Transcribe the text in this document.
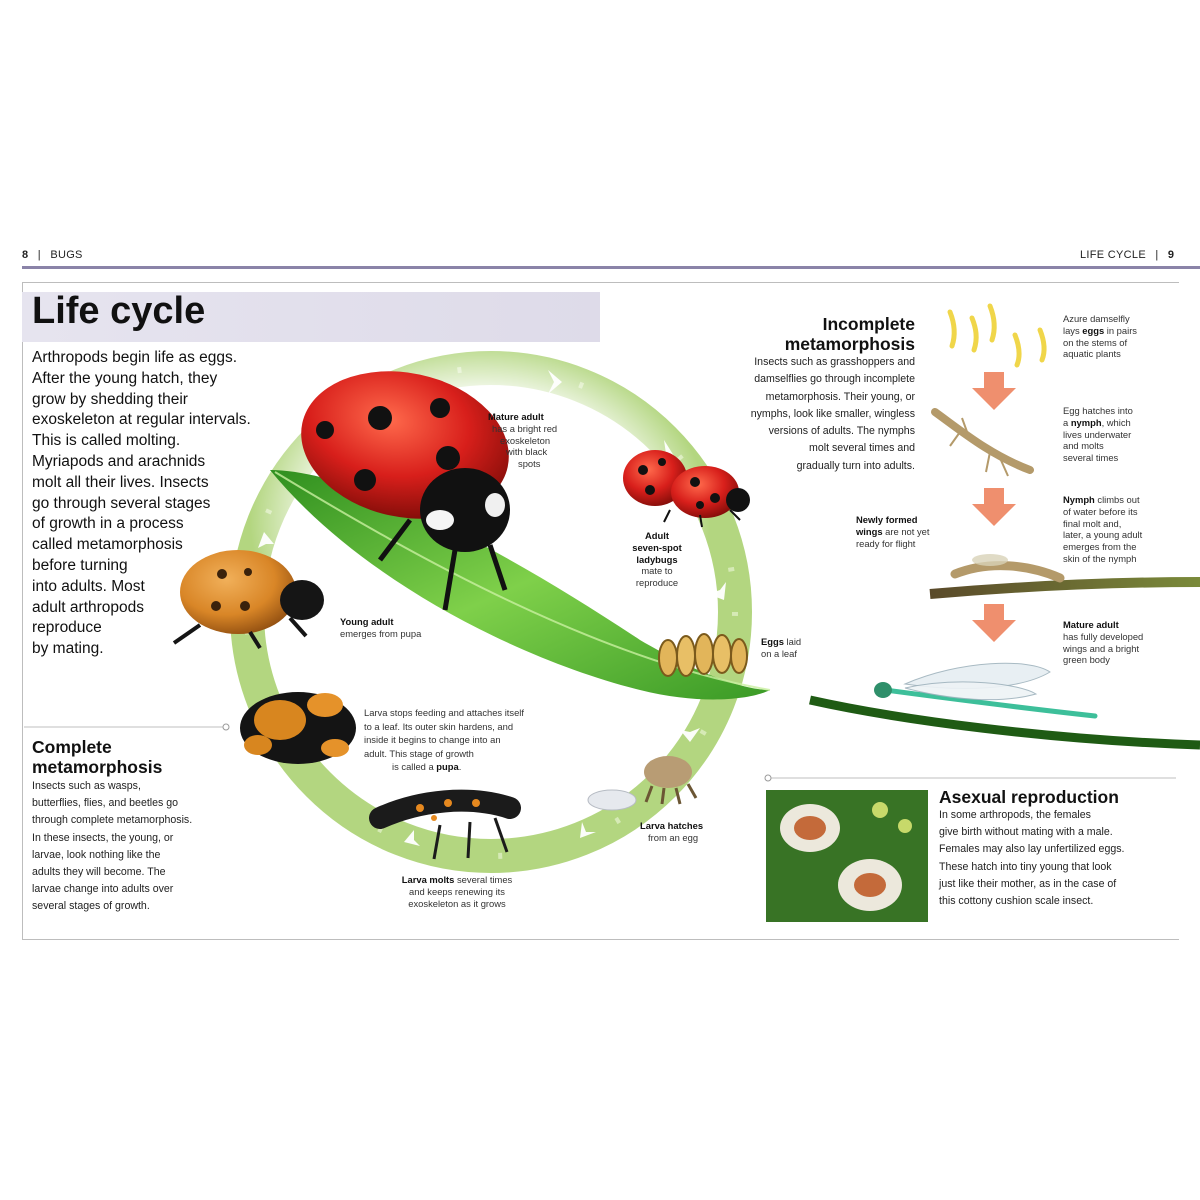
8 | BUGS	LIFE CYCLE | 9
Life cycle
Arthropods begin life as eggs.
After the young hatch, they
grow by shedding their
exoskeleton at regular intervals.
This is called molting.
Myriapods and arachnids
molt all their lives. Insects
go through several stages
of growth in a process
called metamorphosis
before turning
into adults. Most
adult arthropods
reproduce
by mating.
Complete
metamorphosis
Insects such as wasps,
butterflies, flies, and beetles go
through complete metamorphosis.
In these insects, the young, or
larvae, look nothing like the
adults they will become. The
larvae change into adults over
several stages of growth.
Mature adult
has a bright red
exoskeleton
with black
spots
Adult
seven-spot
ladybugs
mate to
reproduce
Eggs laid
on a leaf
Larva hatches
from an egg
Larva molts several times
and keeps renewing its
exoskeleton as it grows
Larva stops feeding and attaches itself
to a leaf. Its outer skin hardens, and
inside it begins to change into an
adult. This stage of growth
is called a pupa.
Young adult
emerges from pupa
Incomplete
metamorphosis
Insects such as grasshoppers and
damselflies go through incomplete
metamorphosis. Their young, or
nymphs, look like smaller, wingless
versions of adults. The nymphs
molt several times and
gradually turn into adults.
Azure damselfly
lays eggs in pairs
on the stems of
aquatic plants
Egg hatches into
a nymph, which
lives underwater
and molts
several times
Nymph climbs out
of water before its
final molt and,
later, a young adult
emerges from the
skin of the nymph
Newly formed
wings are not yet
ready for flight
Mature adult
has fully developed
wings and a bright
green body
Asexual reproduction
In some arthropods, the females
give birth without mating with a male.
Females may also lay unfertilized eggs.
These hatch into tiny young that look
just like their mother, as in the case of
this cottony cushion scale insect.
